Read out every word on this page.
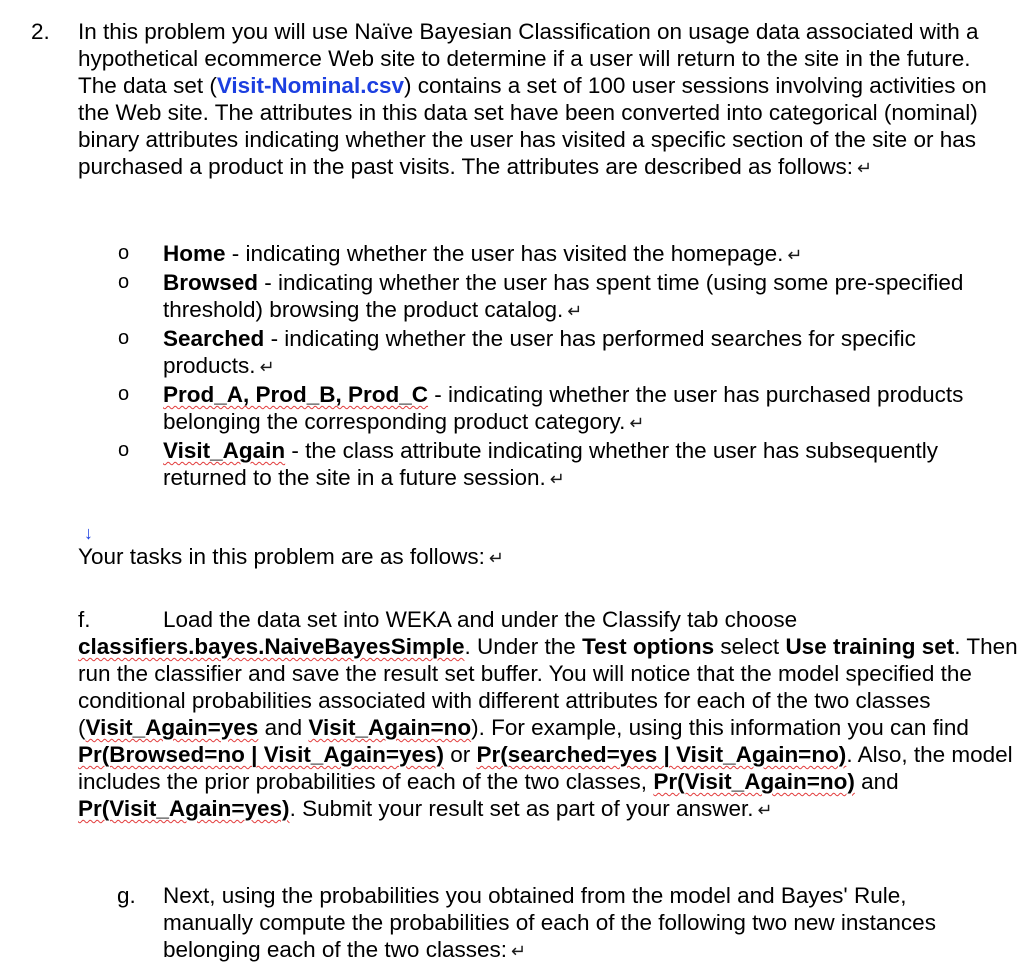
2. In this problem you will use Naïve Bayesian Classification on usage data associated with a hypothetical ecommerce Web site to determine if a user will return to the site in the future. The data set (Visit-Nominal.csv) contains a set of 100 user sessions involving activities on the Web site. The attributes in this data set have been converted into categorical (nominal) binary attributes indicating whether the user has visited a specific section of the site or has purchased a product in the past visits. The attributes are described as follows: ↵
o Home - indicating whether the user has visited the homepage. ↵
o Browsed - indicating whether the user has spent time (using some pre-specified threshold) browsing the product catalog. ↵
o Searched - indicating whether the user has performed searches for specific products. ↵
o Prod_A, Prod_B, Prod_C - indicating whether the user has purchased products belonging the corresponding product category. ↵
o Visit_Again - the class attribute indicating whether the user has subsequently returned to the site in a future session. ↵
↓
Your tasks in this problem are as follows: ↵
f.	Load the data set into WEKA and under the Classify tab choose classifiers.bayes.NaiveBayesSimple. Under the Test options select Use training set. Then run the classifier and save the result set buffer. You will notice that the model specified the conditional probabilities associated with different attributes for each of the two classes (Visit_Again=yes and Visit_Again=no). For example, using this information you can find Pr(Browsed=no | Visit_Again=yes) or Pr(searched=yes | Visit_Again=no). Also, the model includes the prior probabilities of each of the two classes, Pr(Visit_Again=no) and Pr(Visit_Again=yes). Submit your result set as part of your answer. ↵
g.	Next, using the probabilities you obtained from the model and Bayes' Rule, manually compute the probabilities of each of the following two new instances belonging each of the two classes: ↵
